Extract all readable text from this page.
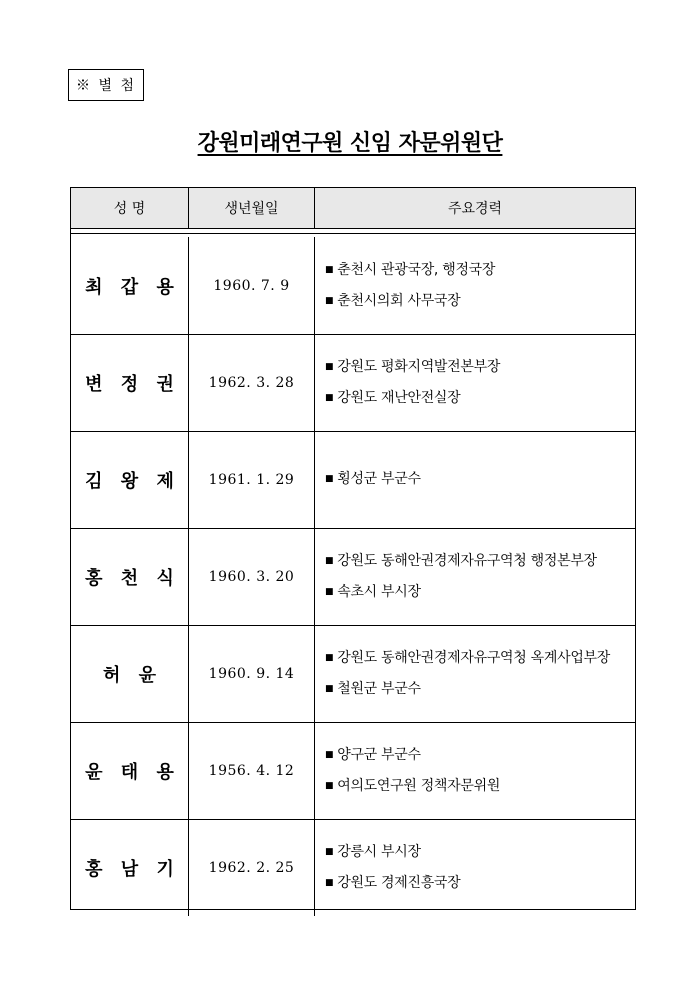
※ 별 첨
강원미래연구원 신임 자문위원단
성 명	생년월일	주요경력
최 갑 용	1960. 7. 9
■ 춘천시 관광국장, 행정국장
■ 춘천시의회 사무국장
변 정 권	1962. 3. 28
■ 강원도 평화지역발전본부장
■ 강원도 재난안전실장
김 왕 제	1961. 1. 29
■	횡성군 부군수
홍 천 식	1960. 3. 20
■ 강원도 동해안권경제자유구역청 행정본부장
■ 속초시 부시장
허 윤	1960. 9. 14
■ 강원도 동해안권경제자유구역청 옥계사업부장
■ 철원군 부군수
윤 태 용	1956. 4. 12
■ 양구군 부군수
■ 여의도연구원 정책자문위원
홍 남 기	1962. 2. 25
■ 강릉시 부시장
■ 강원도 경제진흥국장
